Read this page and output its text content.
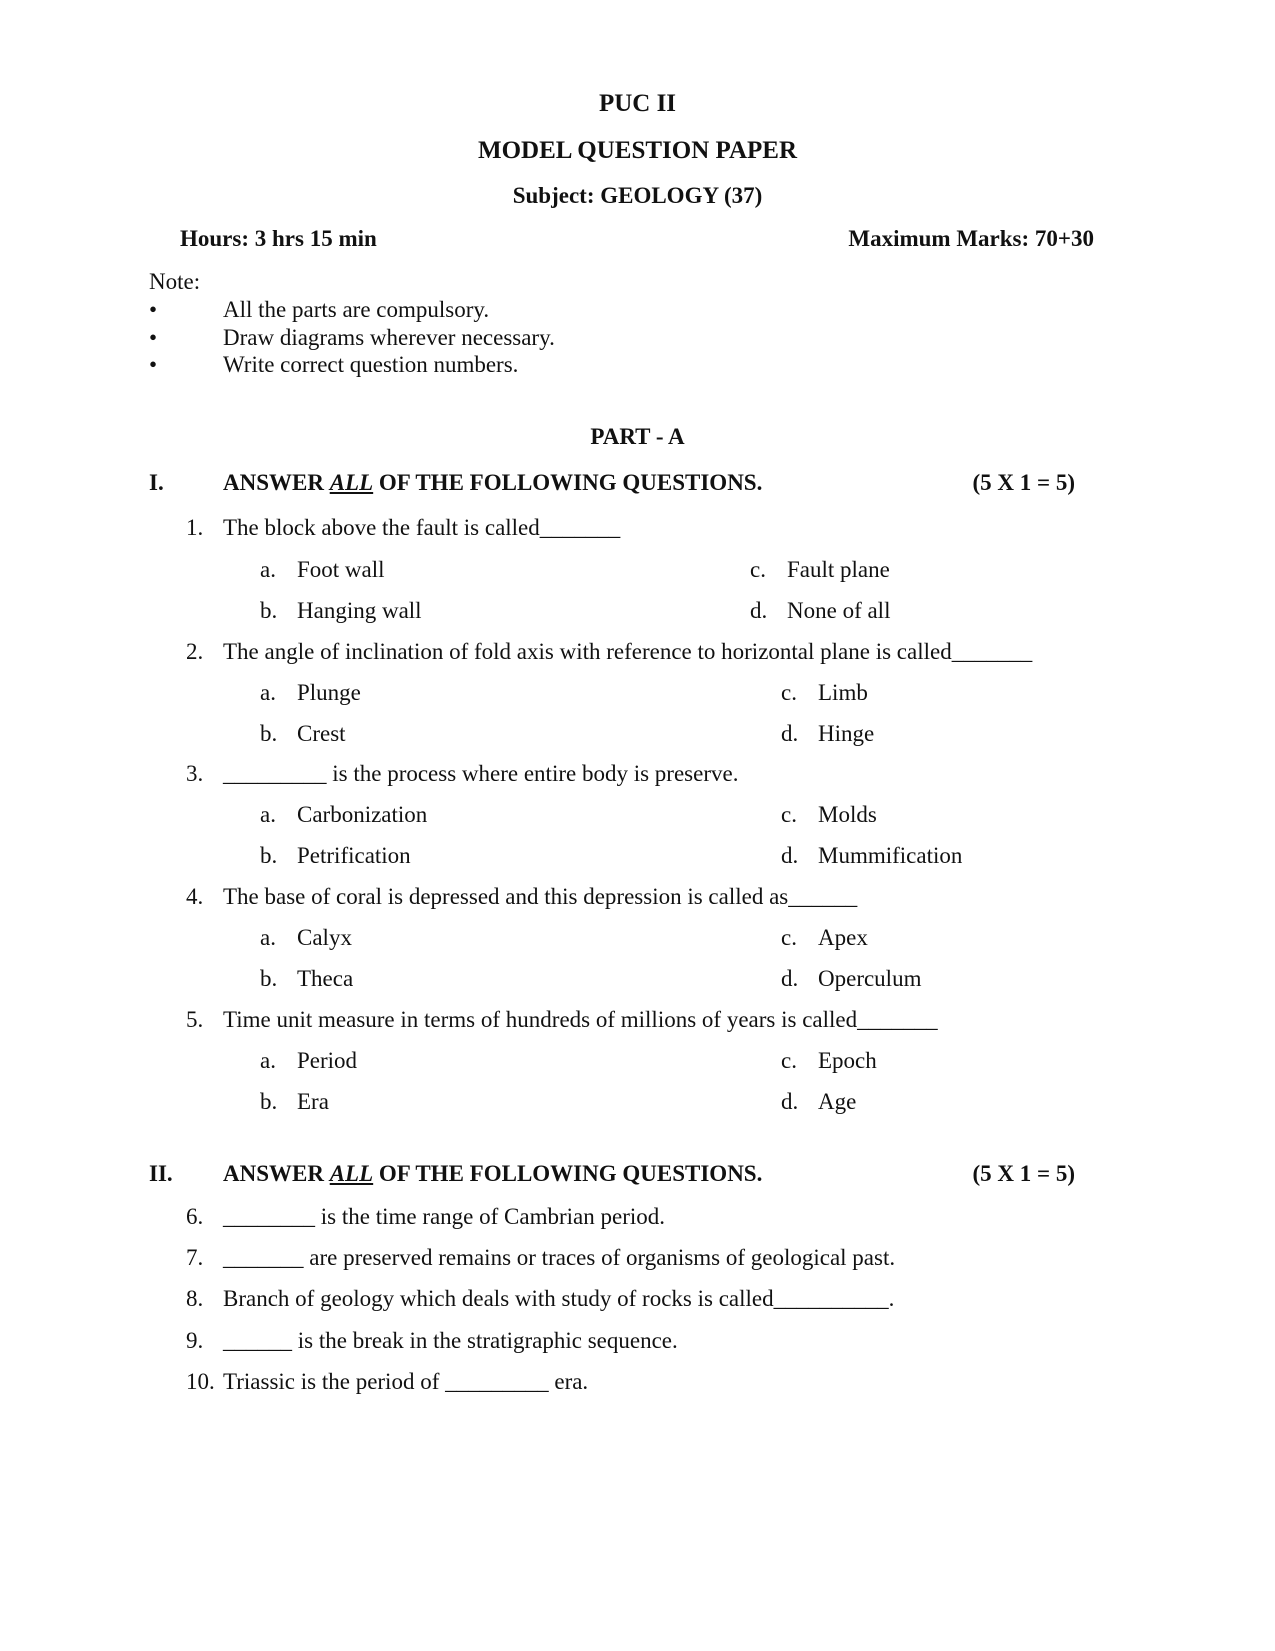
PUC II
MODEL QUESTION PAPER
Subject: GEOLOGY (37)
Hours: 3 hrs 15 min	Maximum Marks: 70+30
Note:
•	All the parts are compulsory.
•	Draw diagrams wherever necessary.
•	Write correct question numbers.
PART - A
I.	ANSWER ALL OF THE FOLLOWING QUESTIONS.	(5 X 1 = 5)
1. The block above the fault is called_______
a. Foot wall
b. Hanging wall
c. Fault plane
d. None of all
2. The angle of inclination of fold axis with reference to horizontal plane is called_______
a. Plunge
b. Crest
c. Limb
d. Hinge
3. _________ is the process where entire body is preserve.
a. Carbonization
b. Petrification
c. Molds
d. Mummification
4. The base of coral is depressed and this depression is called as______
a. Calyx
b. Theca
c. Apex
d. Operculum
5. Time unit measure in terms of hundreds of millions of years is called_______
a. Period
b. Era
c. Epoch
d. Age
II. ANSWER ALL OF THE FOLLOWING QUESTIONS.	(5 X 1 = 5)
6. ________ is the time range of Cambrian period.
7. _______ are preserved remains or traces of organisms of geological past.
8. Branch of geology which deals with study of rocks is called__________.
9. ______ is the break in the stratigraphic sequence.
10. Triassic is the period of _________ era.
